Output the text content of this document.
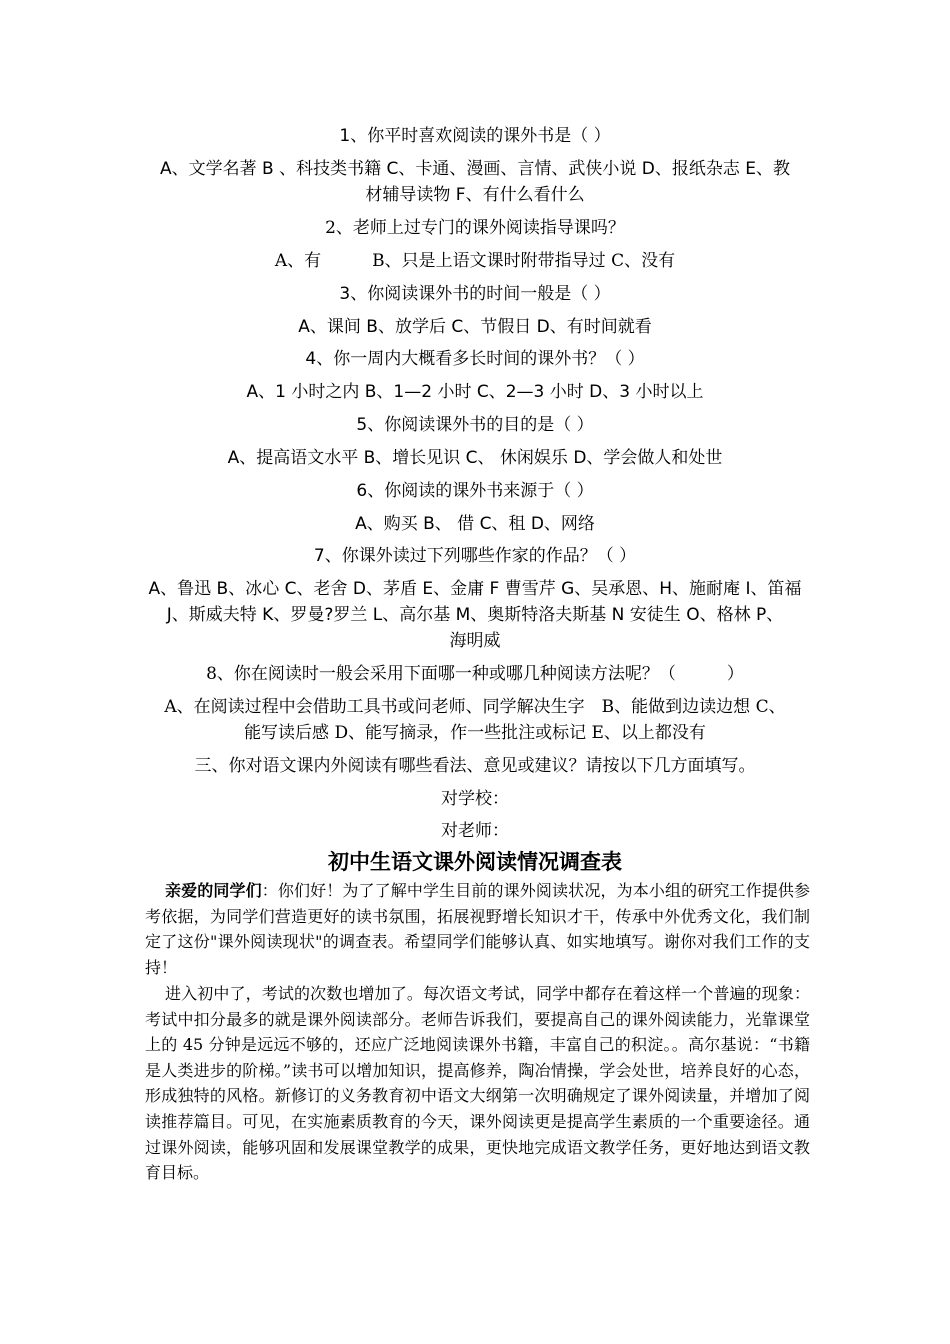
1、你平时喜欢阅读的课外书是（ ）
A、文学名著 B 、科技类书籍 C、卡通、漫画、言情、武侠小说 D、报纸杂志 E、教
材辅导读物 F、有什么看什么
2、老师上过专门的课外阅读指导课吗？
A、有　　　B、只是上语文课时附带指导过 C、没有
3、你阅读课外书的时间一般是（ ）
A、课间 B、放学后 C、节假日 D、有时间就看
4、你一周内大概看多长时间的课外书？（ ）
A、1 小时之内 B、1—2 小时 C、2—3 小时 D、3 小时以上
5、你阅读课外书的目的是（ ）
A、提高语文水平 B、增长见识 C、 休闲娱乐 D、学会做人和处世
6、你阅读的课外书来源于（ ）
A、购买 B、 借 C、租 D、网络
7、你课外读过下列哪些作家的作品？（ ）
A、鲁迅 B、冰心 C、老舍 D、茅盾 E、金庸 F 曹雪芹 G、吴承恩、H、施耐庵 I、笛福
J、斯威夫特 K、罗曼?罗兰 L、高尔基 M、奥斯特洛夫斯基 N 安徒生 O、格林 P、
海明威
8、你在阅读时一般会采用下面哪一种或哪几种阅读方法呢？（　　　）
A、在阅读过程中会借助工具书或问老师、同学解决生字　B、能做到边读边想 C、
能写读后感 D、能写摘录，作一些批注或标记 E、以上都没有
三、你对语文课内外阅读有哪些看法、意见或建议？请按以下几方面填写。
对学校：
对老师：
初中生语文课外阅读情况调查表
亲爱的同学们：你们好！为了了解中学生目前的课外阅读状况，为本小组的研究工作提供参考依据，为同学们营造更好的读书氛围，拓展视野增长知识才干，传承中外优秀文化，我们制定了这份"课外阅读现状"的调查表。希望同学们能够认真、如实地填写。谢你对我们工作的支持！
进入初中了，考试的次数也增加了。每次语文考试，同学中都存在着这样一个普遍的现象：考试中扣分最多的就是课外阅读部分。老师告诉我们，要提高自己的课外阅读能力，光靠课堂上的 45 分钟是远远不够的，还应广泛地阅读课外书籍，丰富自己的积淀。。高尔基说：“书籍是人类进步的阶梯。”读书可以增加知识，提高修养，陶冶情操，学会处世，培养良好的心态，形成独特的风格。新修订的义务教育初中语文大纲第一次明确规定了课外阅读量，并增加了阅读推荐篇目。可见，在实施素质教育的今天，课外阅读更是提高学生素质的一个重要途径。通过课外阅读，能够巩固和发展课堂教学的成果，更快地完成语文教学任务，更好地达到语文教育目标。
